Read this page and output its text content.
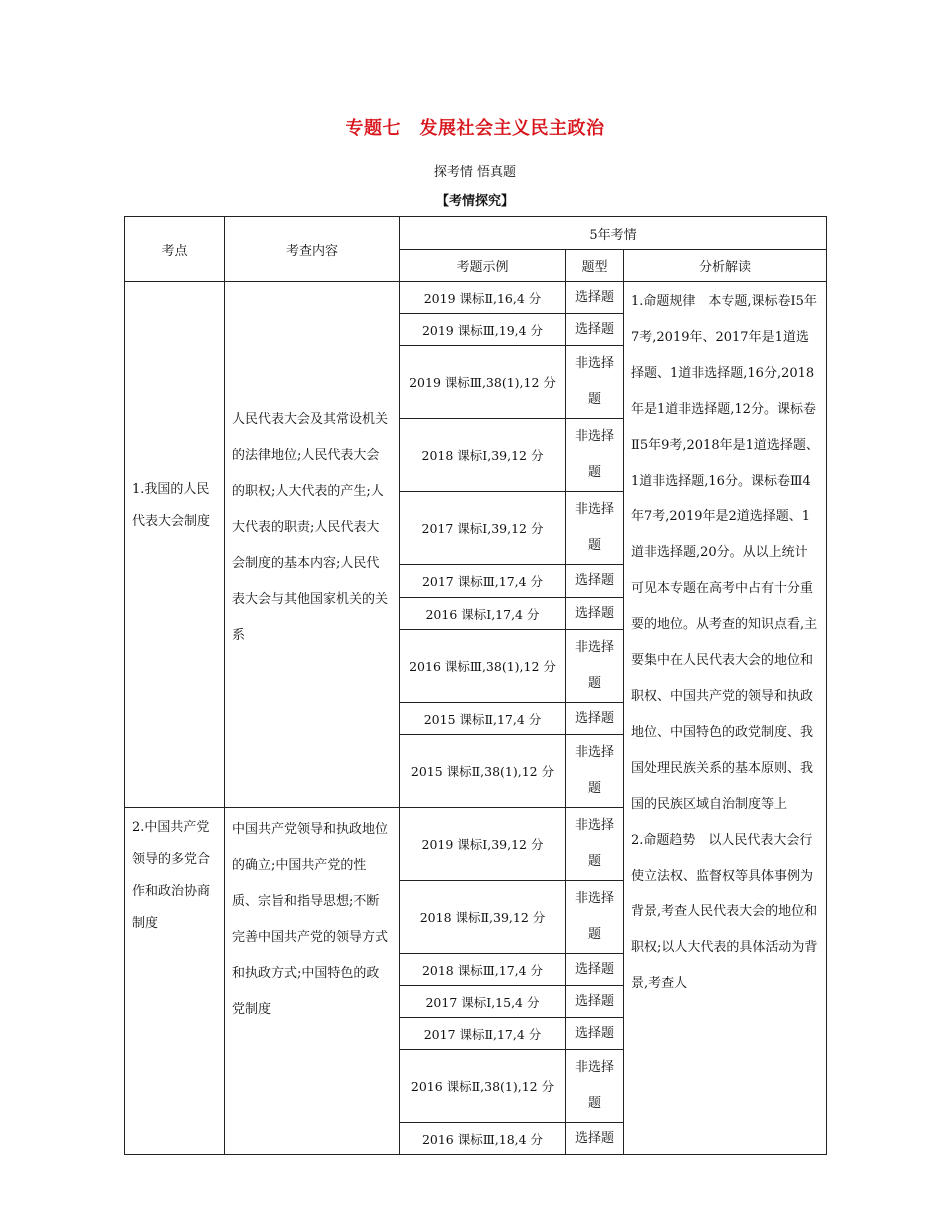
专题七　发展社会主义民主政治
探考情 悟真题
【考情探究】
考点	考查内容	5年考情		
		考题示例	题型	分析解读

1.我国的人民代表大会制度	人民代表大会及其常设机关的法律地位;人民代表大会的职权;人大代表的产生;人大代表的职责;人民代表大会制度的基本内容;人民代表大会与其他国家机关的关系	2019 课标Ⅱ,16,4 分	选择题	1.命题规律　本专题,课标卷Ⅰ5年7考,2019年、2017年是1道选择题、1道非选择题,16分,2018年是1道非选择题,12分。课标卷Ⅱ5年9考,2018年是1道选择题、1道非选择题,16分。课标卷Ⅲ4年7考,2019年是2道选择题、1道非选择题,20分。从以上统计可见本专题在高考中占有十分重要的地位。从考查的知识点看,主要集中在人民代表大会的地位和职权、中国共产党的领导和执政地位、中国特色的政党制度、我国处理民族关系的基本原则、我国的民族区域自治制度等上
2.命题趋势　以人民代表大会行使立法权、监督权等具体事例为背景,考查人民代表大会的地位和职权;以人大代表的具体活动为背景,考查人

		2019 课标Ⅲ,19,4 分	选择题	
		2019 课标Ⅲ,38(1),12 分	非选择题	

		2018 课标Ⅰ,39,12 分	非选择题	

		2017 课标Ⅰ,39,12 分	非选择题	

		2017 课标Ⅲ,17,4 分	选择题	
		2016 课标Ⅰ,17,4 分	选择题	
		2016 课标Ⅲ,38(1),12 分	非选择题	

		2015 课标Ⅱ,17,4 分	选择题	
		2015 课标Ⅱ,38(1),12 分	非选择题	

2.中国共产党领导的多党合作和政治协商制度	中国共产党领导和执政地位的确立;中国共产党的性质、宗旨和指导思想;不断完善中国共产党的领导方式和执政方式;中国特色的政党制度	2019 课标Ⅰ,39,12 分	非选择题	

		2018 课标Ⅱ,39,12 分	非选择题	

		2018 课标Ⅲ,17,4 分	选择题	
		2017 课标Ⅰ,15,4 分	选择题	
		2017 课标Ⅱ,17,4 分	选择题	
		2016 课标Ⅱ,38(1),12 分	非选择题	

		2016 课标Ⅲ,18,4 分	选择题	
